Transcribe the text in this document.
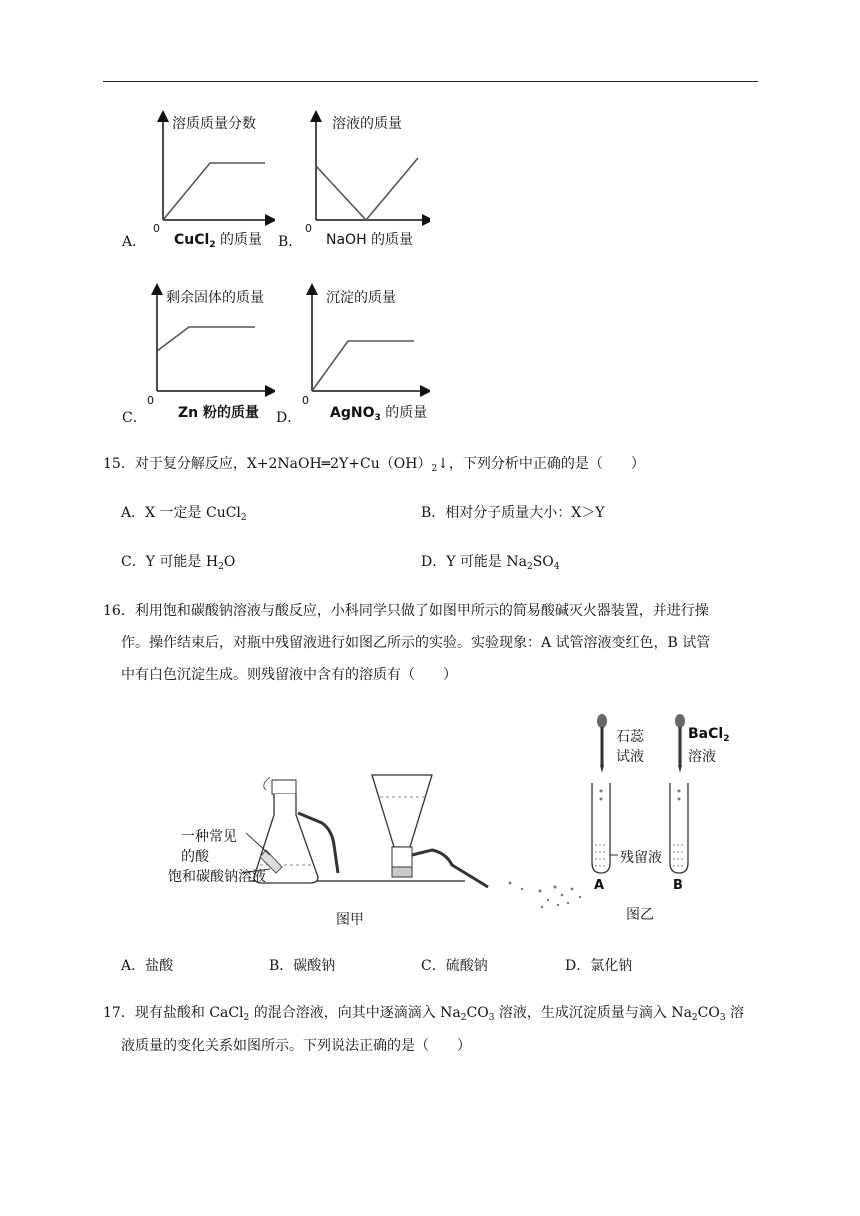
溶质质量分数
0
A． CuCl$_2$ 的质量
溶液的质量
0
B． NaOH 的质量
剩余固体的质量
0
C． Zn 粉的质量
沉淀的质量
0
D． AgNO$_3$ 的质量
15．对于复分解反应，$X+2NaOH═2Y+Cu(OH)_2↓$，下列分析中正确的是（　　）
A．X 一定是 CuCl$_2$	B．相对分子质量大小：X＞Y
C．Y 可能是 $H_2O$	D．Y 可能是 $Na_2SO_4$
16．利用饱和碳酸钠溶液与酸反应，小科同学只做了如图甲所示的简易酸碱灭火器装置，并进行操
作。操作结束后，对瓶中残留液进行如图乙所示的实验。实验现象：A 试管溶液变红色，B 试管
中有白色沉淀生成。则残留液中含有的溶质有（　　）
一种常见
的酸
饱和碳酸钠溶液
图甲
石蕊
试液
BaCl$_2$
溶液
残留液
A	B
图乙
A．盐酸	B．碳酸钠	C．硫酸钠	D．氯化钠
17．现有盐酸和 CaCl$_2$ 的混合溶液，向其中逐滴滴入 $Na_2CO_3$ 溶液，生成沉淀质量与滴入 $Na_2CO_3$ 溶
液质量的变化关系如图所示。下列说法正确的是（　　）
